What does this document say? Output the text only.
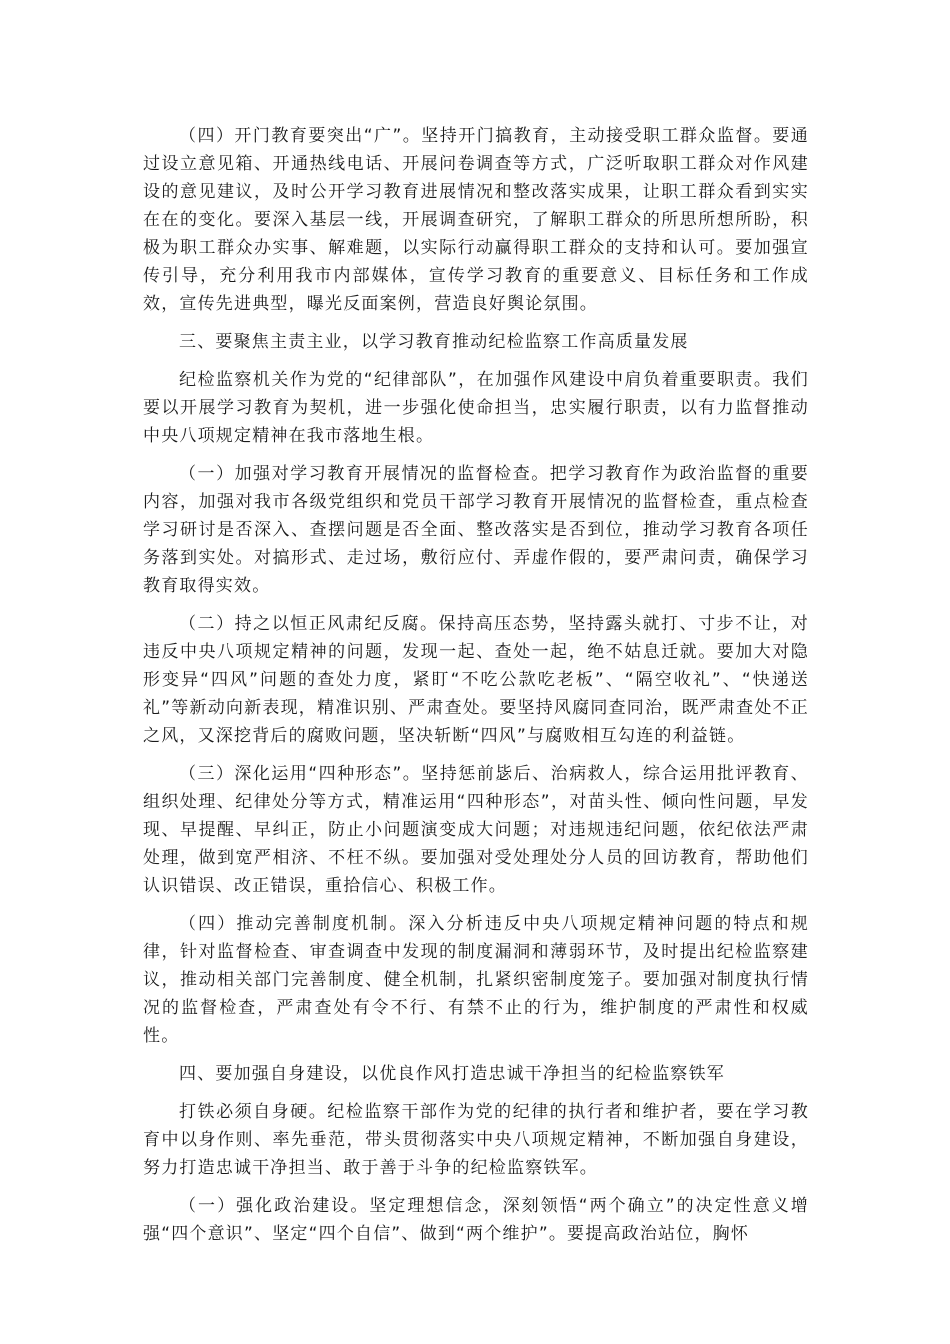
（四）开门教育要突出“广”。坚持开门搞教育，主动接受职工群众监督。要通过设立意见箱、开通热线电话、开展问卷调查等方式，广泛听取职工群众对作风建设的意见建议，及时公开学习教育进展情况和整改落实成果，让职工群众看到实实在在的变化。要深入基层一线，开展调查研究，了解职工群众的所思所想所盼，积极为职工群众办实事、解难题，以实际行动赢得职工群众的支持和认可。要加强宣传引导，充分利用我市内部媒体，宣传学习教育的重要意义、目标任务和工作成效，宣传先进典型，曝光反面案例，营造良好舆论氛围。

三、要聚焦主责主业，以学习教育推动纪检监察工作高质量发展

纪检监察机关作为党的“纪律部队”，在加强作风建设中肩负着重要职责。我们要以开展学习教育为契机，进一步强化使命担当，忠实履行职责，以有力监督推动中央八项规定精神在我市落地生根。

（一）加强对学习教育开展情况的监督检查。把学习教育作为政治监督的重要内容，加强对我市各级党组织和党员干部学习教育开展情况的监督检查，重点检查学习研讨是否深入、查摆问题是否全面、整改落实是否到位，推动学习教育各项任务落到实处。对搞形式、走过场，敷衍应付、弄虚作假的，要严肃问责，确保学习教育取得实效。

（二）持之以恒正风肃纪反腐。保持高压态势，坚持露头就打、寸步不让，对违反中央八项规定精神的问题，发现一起、查处一起，绝不姑息迁就。要加大对隐形变异“四风”问题的查处力度，紧盯“不吃公款吃老板”、“隔空收礼”、“快递送礼”等新动向新表现，精准识别、严肃查处。要坚持风腐同查同治，既严肃查处不正之风，又深挖背后的腐败问题，坚决斩断“四风”与腐败相互勾连的利益链。

（三）深化运用“四种形态”。坚持惩前毖后、治病救人，综合运用批评教育、组织处理、纪律处分等方式，精准运用“四种形态”，对苗头性、倾向性问题，早发现、早提醒、早纠正，防止小问题演变成大问题；对违规违纪问题，依纪依法严肃处理，做到宽严相济、不枉不纵。要加强对受处理处分人员的回访教育，帮助他们认识错误、改正错误，重拾信心、积极工作。

（四）推动完善制度机制。深入分析违反中央八项规定精神问题的特点和规律，针对监督检查、审查调查中发现的制度漏洞和薄弱环节，及时提出纪检监察建议，推动相关部门完善制度、健全机制，扎紧织密制度笼子。要加强对制度执行情况的监督检查，严肃查处有令不行、有禁不止的行为，维护制度的严肃性和权威性。

四、要加强自身建设，以优良作风打造忠诚干净担当的纪检监察铁军

打铁必须自身硬。纪检监察干部作为党的纪律的执行者和维护者，要在学习教育中以身作则、率先垂范，带头贯彻落实中央八项规定精神，不断加强自身建设，努力打造忠诚干净担当、敢于善于斗争的纪检监察铁军。

（一）强化政治建设。坚定理想信念，深刻领悟“两个确立”的决定性意义增强“四个意识”、坚定“四个自信”、做到“两个维护”。要提高政治站位，胸怀
